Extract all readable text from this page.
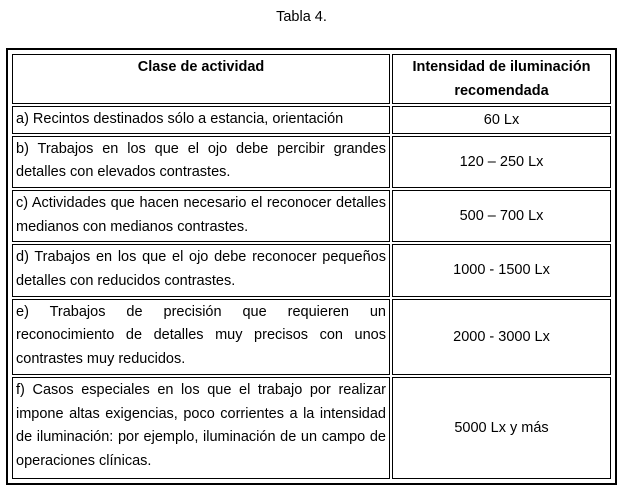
Tabla 4.
Clase de actividad	Intensidad de iluminación recomendada
a) Recintos destinados sólo a estancia, orientación	60 Lx
b) Trabajos en los que el ojo debe percibir grandes detalles con elevados contrastes.	120 – 250 Lx
c) Actividades que hacen necesario el reconocer detalles medianos con medianos contrastes.	500 – 700 Lx
d) Trabajos en los que el ojo debe reconocer pequeños detalles con reducidos contrastes.	1000 - 1500 Lx
e) Trabajos de precisión que requieren un reconocimiento de detalles muy precisos con unos contrastes muy reducidos.	2000 - 3000 Lx
f) Casos especiales en los que el trabajo por realizar impone altas exigencias, poco corrientes a la intensidad de iluminación: por ejemplo, iluminación de un campo de operaciones clínicas.	5000 Lx y más
